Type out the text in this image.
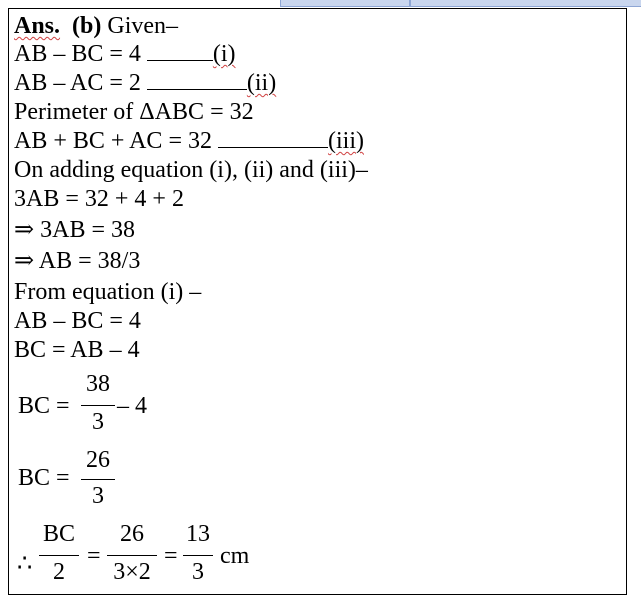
Ans. (b) Given–
AB – BC = 4	(i)
AB – AC = 2	(ii)
Perimeter of ΔABC = 32
AB + BC + AC = 32	(iii)
On adding equation (i), (ii) and (iii)–
3AB = 32 + 4 + 2
⇒ 3AB = 38
⇒ AB = 38/3
From equation (i) –
AB – BC = 4
BC = AB – 4
BC =
38
3
– 4
BC =
26
3
∴
BC
2
=
26
3×2
=
13
3
cm
